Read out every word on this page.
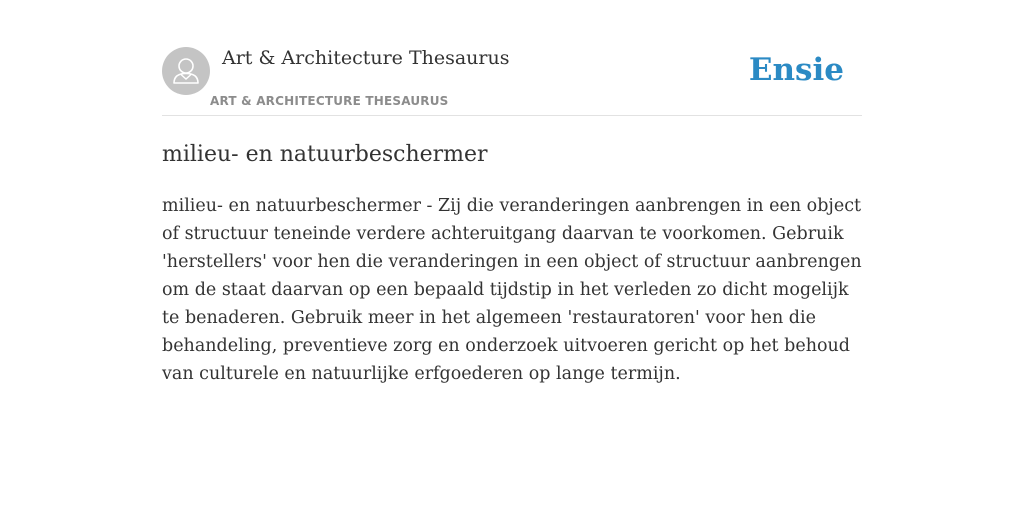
Art & Architecture Thesaurus
ART & ARCHITECTURE THESAURUS
Ensie
milieu- en natuurbeschermer

milieu- en natuurbeschermer - Zij die veranderingen aanbrengen in een object of structuur teneinde verdere achteruitgang daarvan te voorkomen. Gebruik 'herstellers' voor hen die veranderingen in een object of structuur aanbrengen om de staat daarvan op een bepaald tijdstip in het verleden zo dicht mogelijk te benaderen. Gebruik meer in het algemeen 'restauratoren' voor hen die behandeling, preventieve zorg en onderzoek uitvoeren gericht op het behoud van culturele en natuurlijke erfgoederen op lange termijn.
